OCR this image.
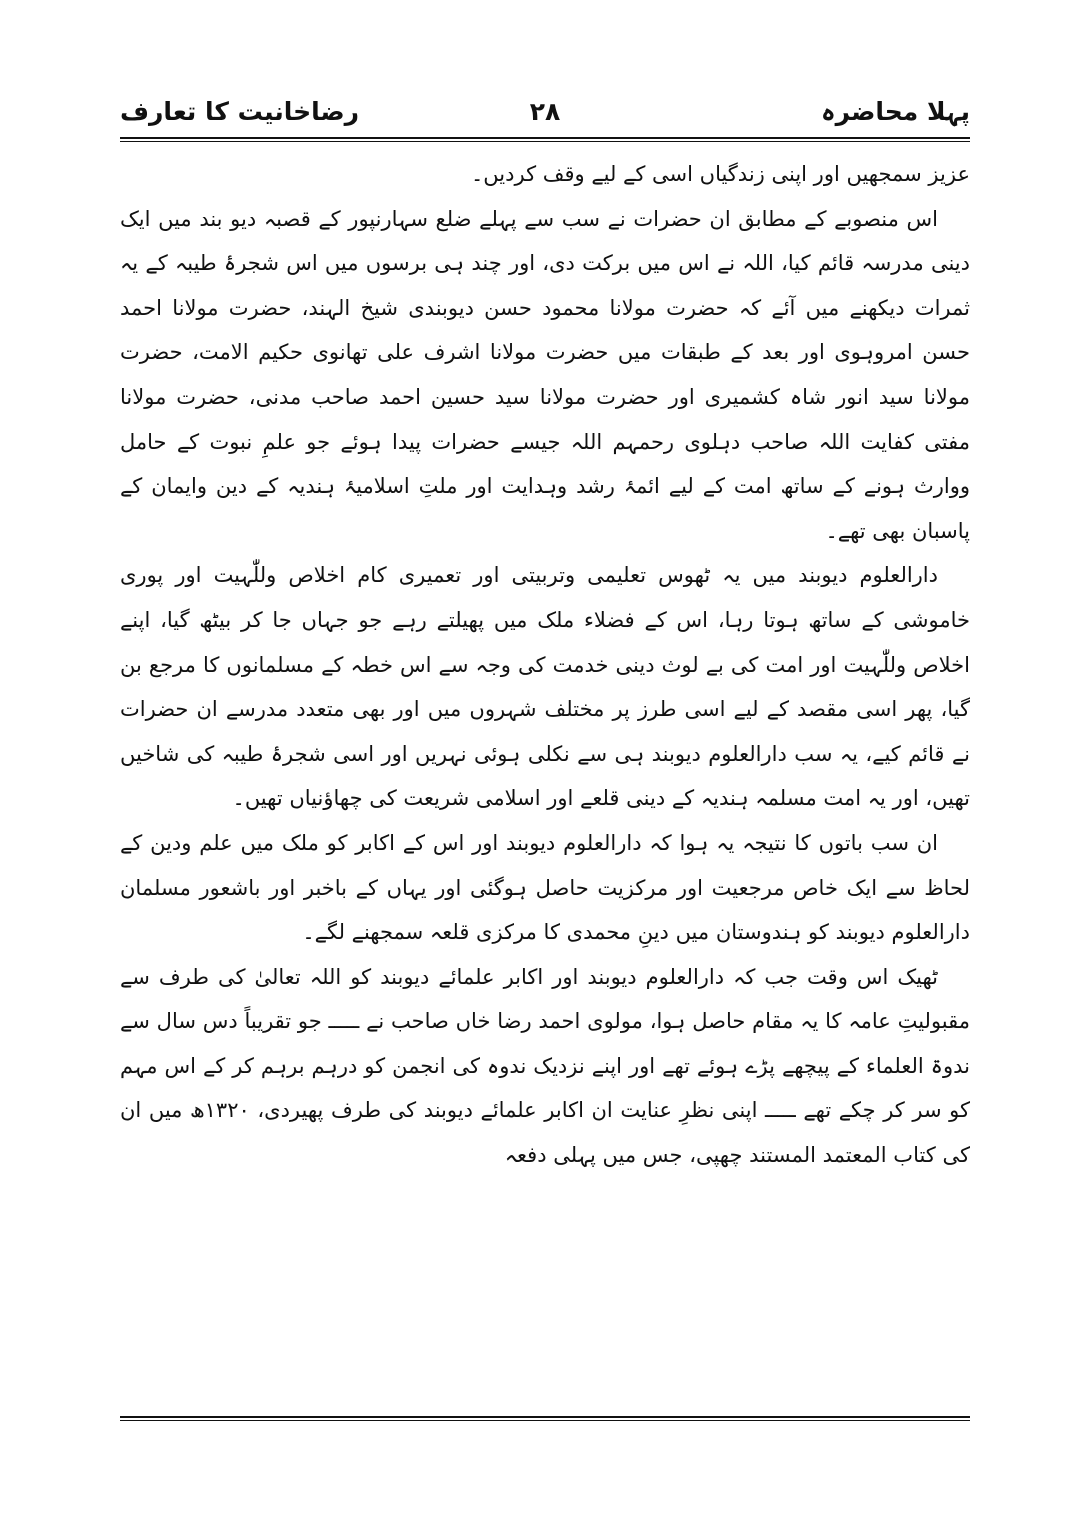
پہلا محاضرہ
۲۸
رضاخانیت کا تعارف

عزیز سمجھیں اور اپنی زندگیاں اسی کے لیے وقف کردیں۔

اس منصوبے کے مطابق ان حضرات نے سب سے پہلے ضلع سہارنپور کے قصبہ دیو بند میں ایک دینی مدرسہ قائم کیا، اللہ نے اس میں برکت دی، اور چند ہی برسوں میں اس شجرۂ طیبہ کے یہ ثمرات دیکھنے میں آئے کہ حضرت مولانا محمود حسن دیوبندی شیخ الہند، حضرت مولانا احمد حسن امروہوی اور بعد کے طبقات میں حضرت مولانا اشرف علی تھانوی حکیم الامت، حضرت مولانا سید انور شاہ کشمیری اور حضرت مولانا سید حسین احمد صاحب مدنی، حضرت مولانا مفتی کفایت اللہ صاحب دہلوی رحمہم اللہ جیسے حضرات پیدا ہوئے جو علمِ نبوت کے حامل ووارث ہونے کے ساتھ امت کے لیے ائمۂ رشد وہدایت اور ملتِ اسلامیۂ ہندیہ کے دین وایمان کے پاسبان بھی تھے۔

دارالعلوم دیوبند میں یہ ٹھوس تعلیمی وتربیتی اور تعمیری کام اخلاص وللّٰہیت اور پوری خاموشی کے ساتھ ہوتا رہا، اس کے فضلاء ملک میں پھیلتے رہے جو جہاں جا کر بیٹھ گیا، اپنے اخلاص وللّٰہیت اور امت کی بے لوث دینی خدمت کی وجہ سے اس خطہ کے مسلمانوں کا مرجع بن گیا، پھر اسی مقصد کے لیے اسی طرز پر مختلف شہروں میں اور بھی متعدد مدرسے ان حضرات نے قائم کیے، یہ سب دارالعلوم دیوبند ہی سے نکلی ہوئی نہریں اور اسی شجرۂ طیبہ کی شاخیں تھیں، اور یہ امت مسلمہ ہندیہ کے دینی قلعے اور اسلامی شریعت کی چھاؤنیاں تھیں۔

ان سب باتوں کا نتیجہ یہ ہوا کہ دارالعلوم دیوبند اور اس کے اکابر کو ملک میں علم ودین کے لحاظ سے ایک خاص مرجعیت اور مرکزیت حاصل ہوگئی اور یہاں کے باخبر اور باشعور مسلمان دارالعلوم دیوبند کو ہندوستان میں دینِ محمدی کا مرکزی قلعہ سمجھنے لگے۔

ٹھیک اس وقت جب کہ دارالعلوم دیوبند اور اکابر علمائے دیوبند کو اللہ تعالیٰ کی طرف سے مقبولیتِ عامہ کا یہ مقام حاصل ہوا، مولوی احمد رضا خاں صاحب نے ـــــ جو تقریباً دس سال سے ندوۃ العلماء کے پیچھے پڑے ہوئے تھے اور اپنے نزدیک ندوہ کی انجمن کو درہم برہم کر کے اس مہم کو سر کر چکے تھے ـــــ اپنی نظرِ عنایت ان اکابر علمائے دیوبند کی طرف پھیردی، ۱۳۲۰ھ میں ان کی کتاب المعتمد المستند چھپی، جس میں پہلی دفعہ
